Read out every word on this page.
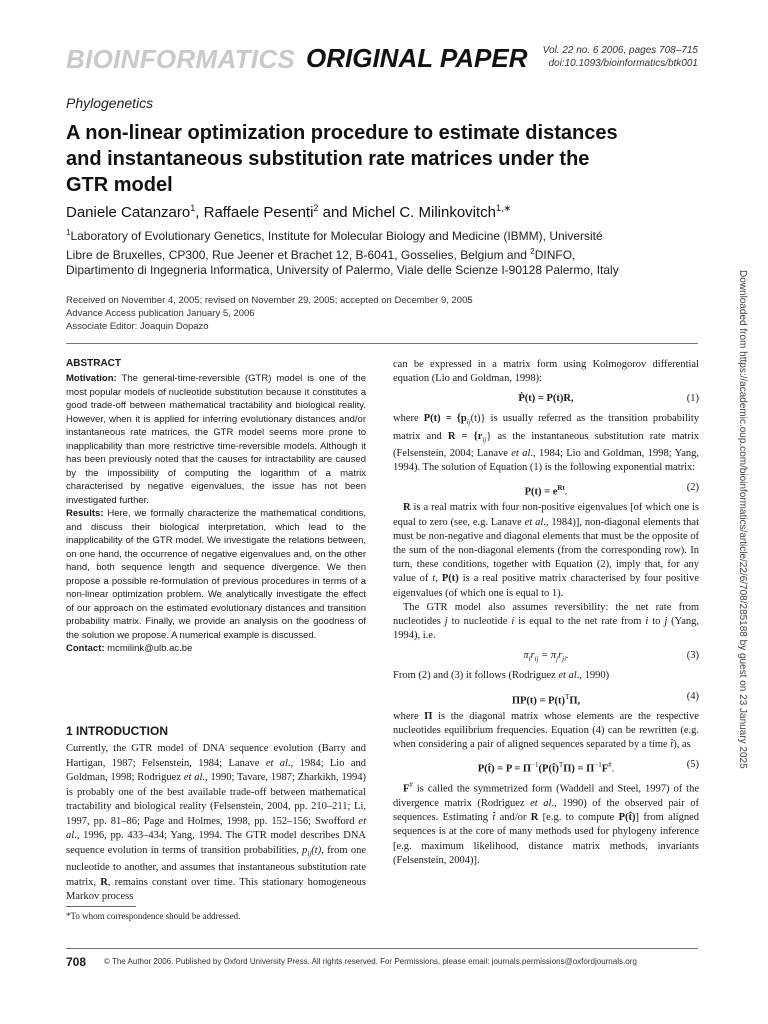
BIOINFORMATICS ORIGINAL PAPER Vol. 22 no. 6 2006, pages 708–715
doi:10.1093/bioinformatics/btk001
Phylogenetics
A non-linear optimization procedure to estimate distances and instantaneous substitution rate matrices under the GTR model
Daniele Catanzaro$^1$, Raffaele Pesenti$^2$ and Michel C. Milinkovitch$^{1,∗}$
$^1$Laboratory of Evolutionary Genetics, Institute for Molecular Biology and Medicine (IBMM), Université Libre de Bruxelles, CP300, Rue Jeener et Brachet 12, B-6041, Gosselies, Belgium and $^2$DINFO, Dipartimento di Ingegneria Informatica, University of Palermo, Viale delle Scienze I-90128 Palermo, Italy
Received on November 4, 2005; revised on November 29, 2005; accepted on December 9, 2005
Advance Access publication January 5, 2006
Associate Editor: Joaquin Dopazo
ABSTRACT

Motivation: The general-time-reversible (GTR) model is one of the most popular models of nucleotide substitution because it constitutes a good trade-off between mathematical tractability and biological reality. However, when it is applied for inferring evolutionary distances and/or instantaneous rate matrices, the GTR model seems more prone to inapplicability than more restrictive time-reversible models. Although it has been previously noted that the causes for intractability are caused by the impossibility of computing the logarithm of a matrix characterised by negative eigenvalues, the issue has not been investigated further.

Results: Here, we formally characterize the mathematical conditions, and discuss their biological interpretation, which lead to the inapplicability of the GTR model. We investigate the relations between, on one hand, the occurrence of negative eigenvalues and, on the other hand, both sequence length and sequence divergence. We then propose a possible re-formulation of previous procedures in terms of a non-linear optimization problem. We analytically investigate the effect of our approach on the estimated evolutionary distances and transition probability matrix. Finally, we provide an analysis on the goodness of the solution we propose. A numerical example is discussed.

Contact: mcmilink@ulb.ac.be

1 INTRODUCTION
Currently, the GTR model of DNA sequence evolution (Barry and Hartigan, 1987; Felsenstein, 1984; Lanave et al., 1984; Lio and Goldman, 1998; Rodriguez et al., 1990; Tavare, 1987; Zharkikh, 1994) is probably one of the best available trade-off between mathematical tractability and biological reality (Felsenstein, 2004, pp. 210–211; Li, 1997, pp. 81–86; Page and Holmes, 1998, pp. 152–156; Swofford et al., 1996, pp. 433–434; Yang, 1994. The GTR model describes DNA sequence evolution in terms of transition probabilities, $p_{ij}(t)$, from one nucleotide to another, and assumes that instantaneous substitution rate matrix, R, remains constant over time. This stationary homogeneous Markov process
*To whom correspondence should be addressed.

can be expressed in a matrix form using Kolmogorov differential equation (Lio and Goldman, 1998):

Ṗ(t) = P(t)R,	(1)

where $P(t) = \{p_{ij}(t)\}$ is usually referred as the transition probability matrix and $R = \{r_{ij}\}$ as the instantaneous substitution rate matrix (Felsenstein, 2004; Lanave et al., 1984; Lio and Goldman, 1998; Yang, 1994). The solution of Equation (1) is the following exponential matrix:

$P(t) = e^{Rt}$.	(2)

R is a real matrix with four non-positive eigenvalues [of which one is equal to zero (see, e.g. Lanave et al., 1984)], non-diagonal elements that must be non-negative and diagonal elements that must be the opposite of the sum of the non-diagonal elements (from the corresponding row). In turn, these conditions, together with Equation (2), imply that, for any value of t, P(t) is a real positive matrix characterised by four positive eigenvalues (of which one is equal to 1).

The GTR model also assumes reversibility: the net rate from nucleotides j to nucleotide i is equal to the net rate from i to j (Yang, 1994), i.e.

$\pi_ir_{ij} = \pi_jr_{ji}$.	(3)

From (2) and (3) it follows (Rodriguez et al., 1990)

$\Pi P(t) = P(t)^T\Pi$,	(4)

where Π is the diagonal matrix whose elements are the respective nucleotides equilibrium frequencies. Equation (4) can be rewritten (e.g. when considering a pair of aligned sequences separated by a time t̂), as

P(t̂) = $P = \Pi^{-1}(P(t̂)^T\Pi) = \Pi^{-1}F^{\#}$.	(5)

F# is called the symmetrized form (Waddell and Steel, 1997) of the divergence matrix (Rodriguez et al., 1990) of the observed pair of sequences. Estimating t̂ and/or R [e.g. to compute P(t̂)] from aligned sequences is at the core of many methods used for phylogeny inference [e.g. maximum likelihood, distance matrix methods, invariants (Felsenstein, 2004)].

708 © The Author 2006. Published by Oxford University Press. All rights reserved. For Permissions, please email: journals.permissions@oxfordjournals.org
Downloaded from https://academic.oup.com/bioinformatics/article/22/6/708/285188 by guest on 23 January 2025
